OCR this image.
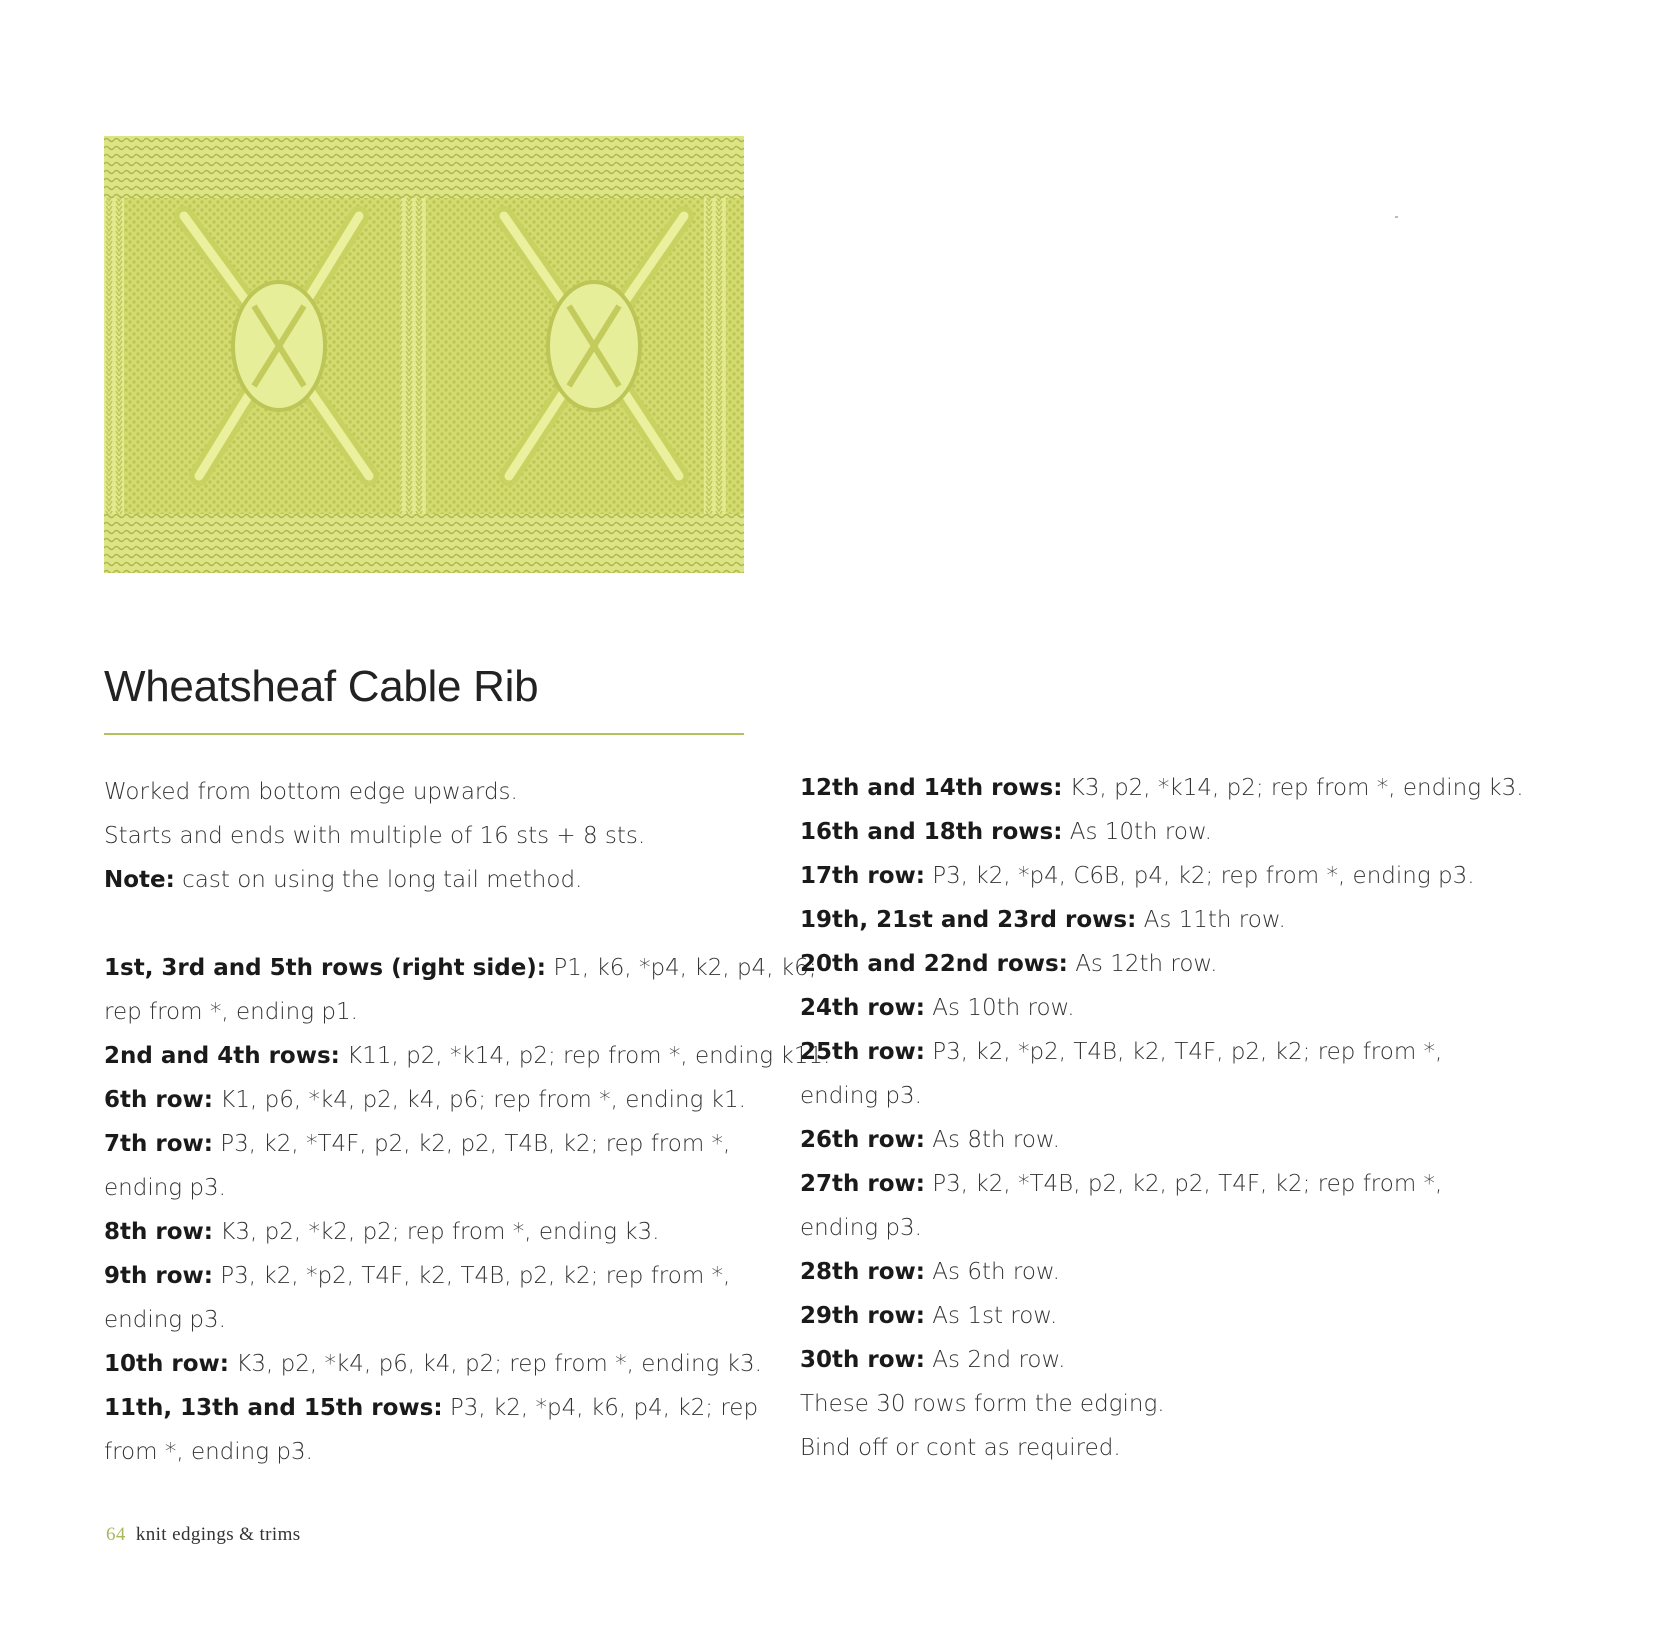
Wheatsheaf Cable Rib
Worked from bottom edge upwards.
Starts and ends with multiple of 16 sts + 8 sts.
Note: cast on using the long tail method.
1st, 3rd and 5th rows (right side): P1, k6, *p4, k2, p4, k6;
rep from *, ending p1.
2nd and 4th rows: K11, p2, *k14, p2; rep from *, ending k11.
6th row: K1, p6, *k4, p2, k4, p6; rep from *, ending k1.
7th row: P3, k2, *T4F, p2, k2, p2, T4B, k2; rep from *,
ending p3.
8th row: K3, p2, *k2, p2; rep from *, ending k3.
9th row: P3, k2, *p2, T4F, k2, T4B, p2, k2; rep from *,
ending p3.
10th row: K3, p2, *k4, p6, k4, p2; rep from *, ending k3.
11th, 13th and 15th rows: P3, k2, *p4, k6, p4, k2; rep
from *, ending p3.
12th and 14th rows: K3, p2, *k14, p2; rep from *, ending k3.
16th and 18th rows: As 10th row.
17th row: P3, k2, *p4, C6B, p4, k2; rep from *, ending p3.
19th, 21st and 23rd rows: As 11th row.
20th and 22nd rows: As 12th row.
24th row: As 10th row.
25th row: P3, k2, *p2, T4B, k2, T4F, p2, k2; rep from *,
ending p3.
26th row: As 8th row.
27th row: P3, k2, *T4B, p2, k2, p2, T4F, k2; rep from *,
ending p3.
28th row: As 6th row.
29th row: As 1st row.
30th row: As 2nd row.
These 30 rows form the edging.
Bind off or cont as required.
64 knit edgings & trims
